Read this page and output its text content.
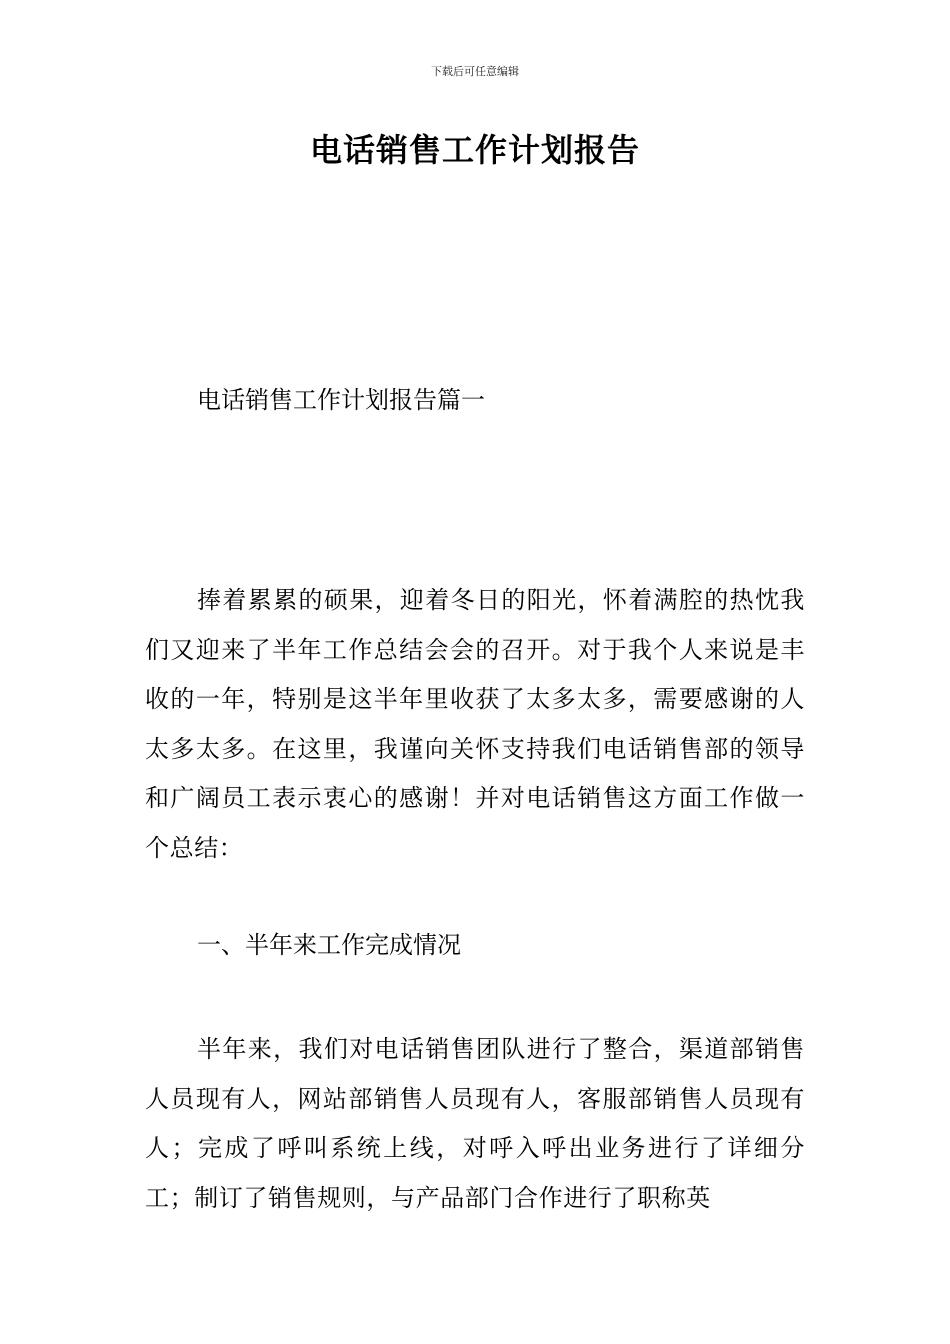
下载后可任意编辑
电话销售工作计划报告

电话销售工作计划报告篇一

捧着累累的硕果，迎着冬日的阳光，怀着满腔的热忱我们又迎来了半年工作总结会会的召开。对于我个人来说是丰收的一年，特别是这半年里收获了太多太多，需要感谢的人太多太多。在这里，我谨向关怀支持我们电话销售部的领导和广阔员工表示衷心的感谢！并对电话销售这方面工作做一个总结：

一、半年来工作完成情况

半年来，我们对电话销售团队进行了整合，渠道部销售人员现有人，网站部销售人员现有人，客服部销售人员现有人；完成了呼叫系统上线，对呼入呼出业务进行了详细分工；制订了销售规则，与产品部门合作进行了职称英
